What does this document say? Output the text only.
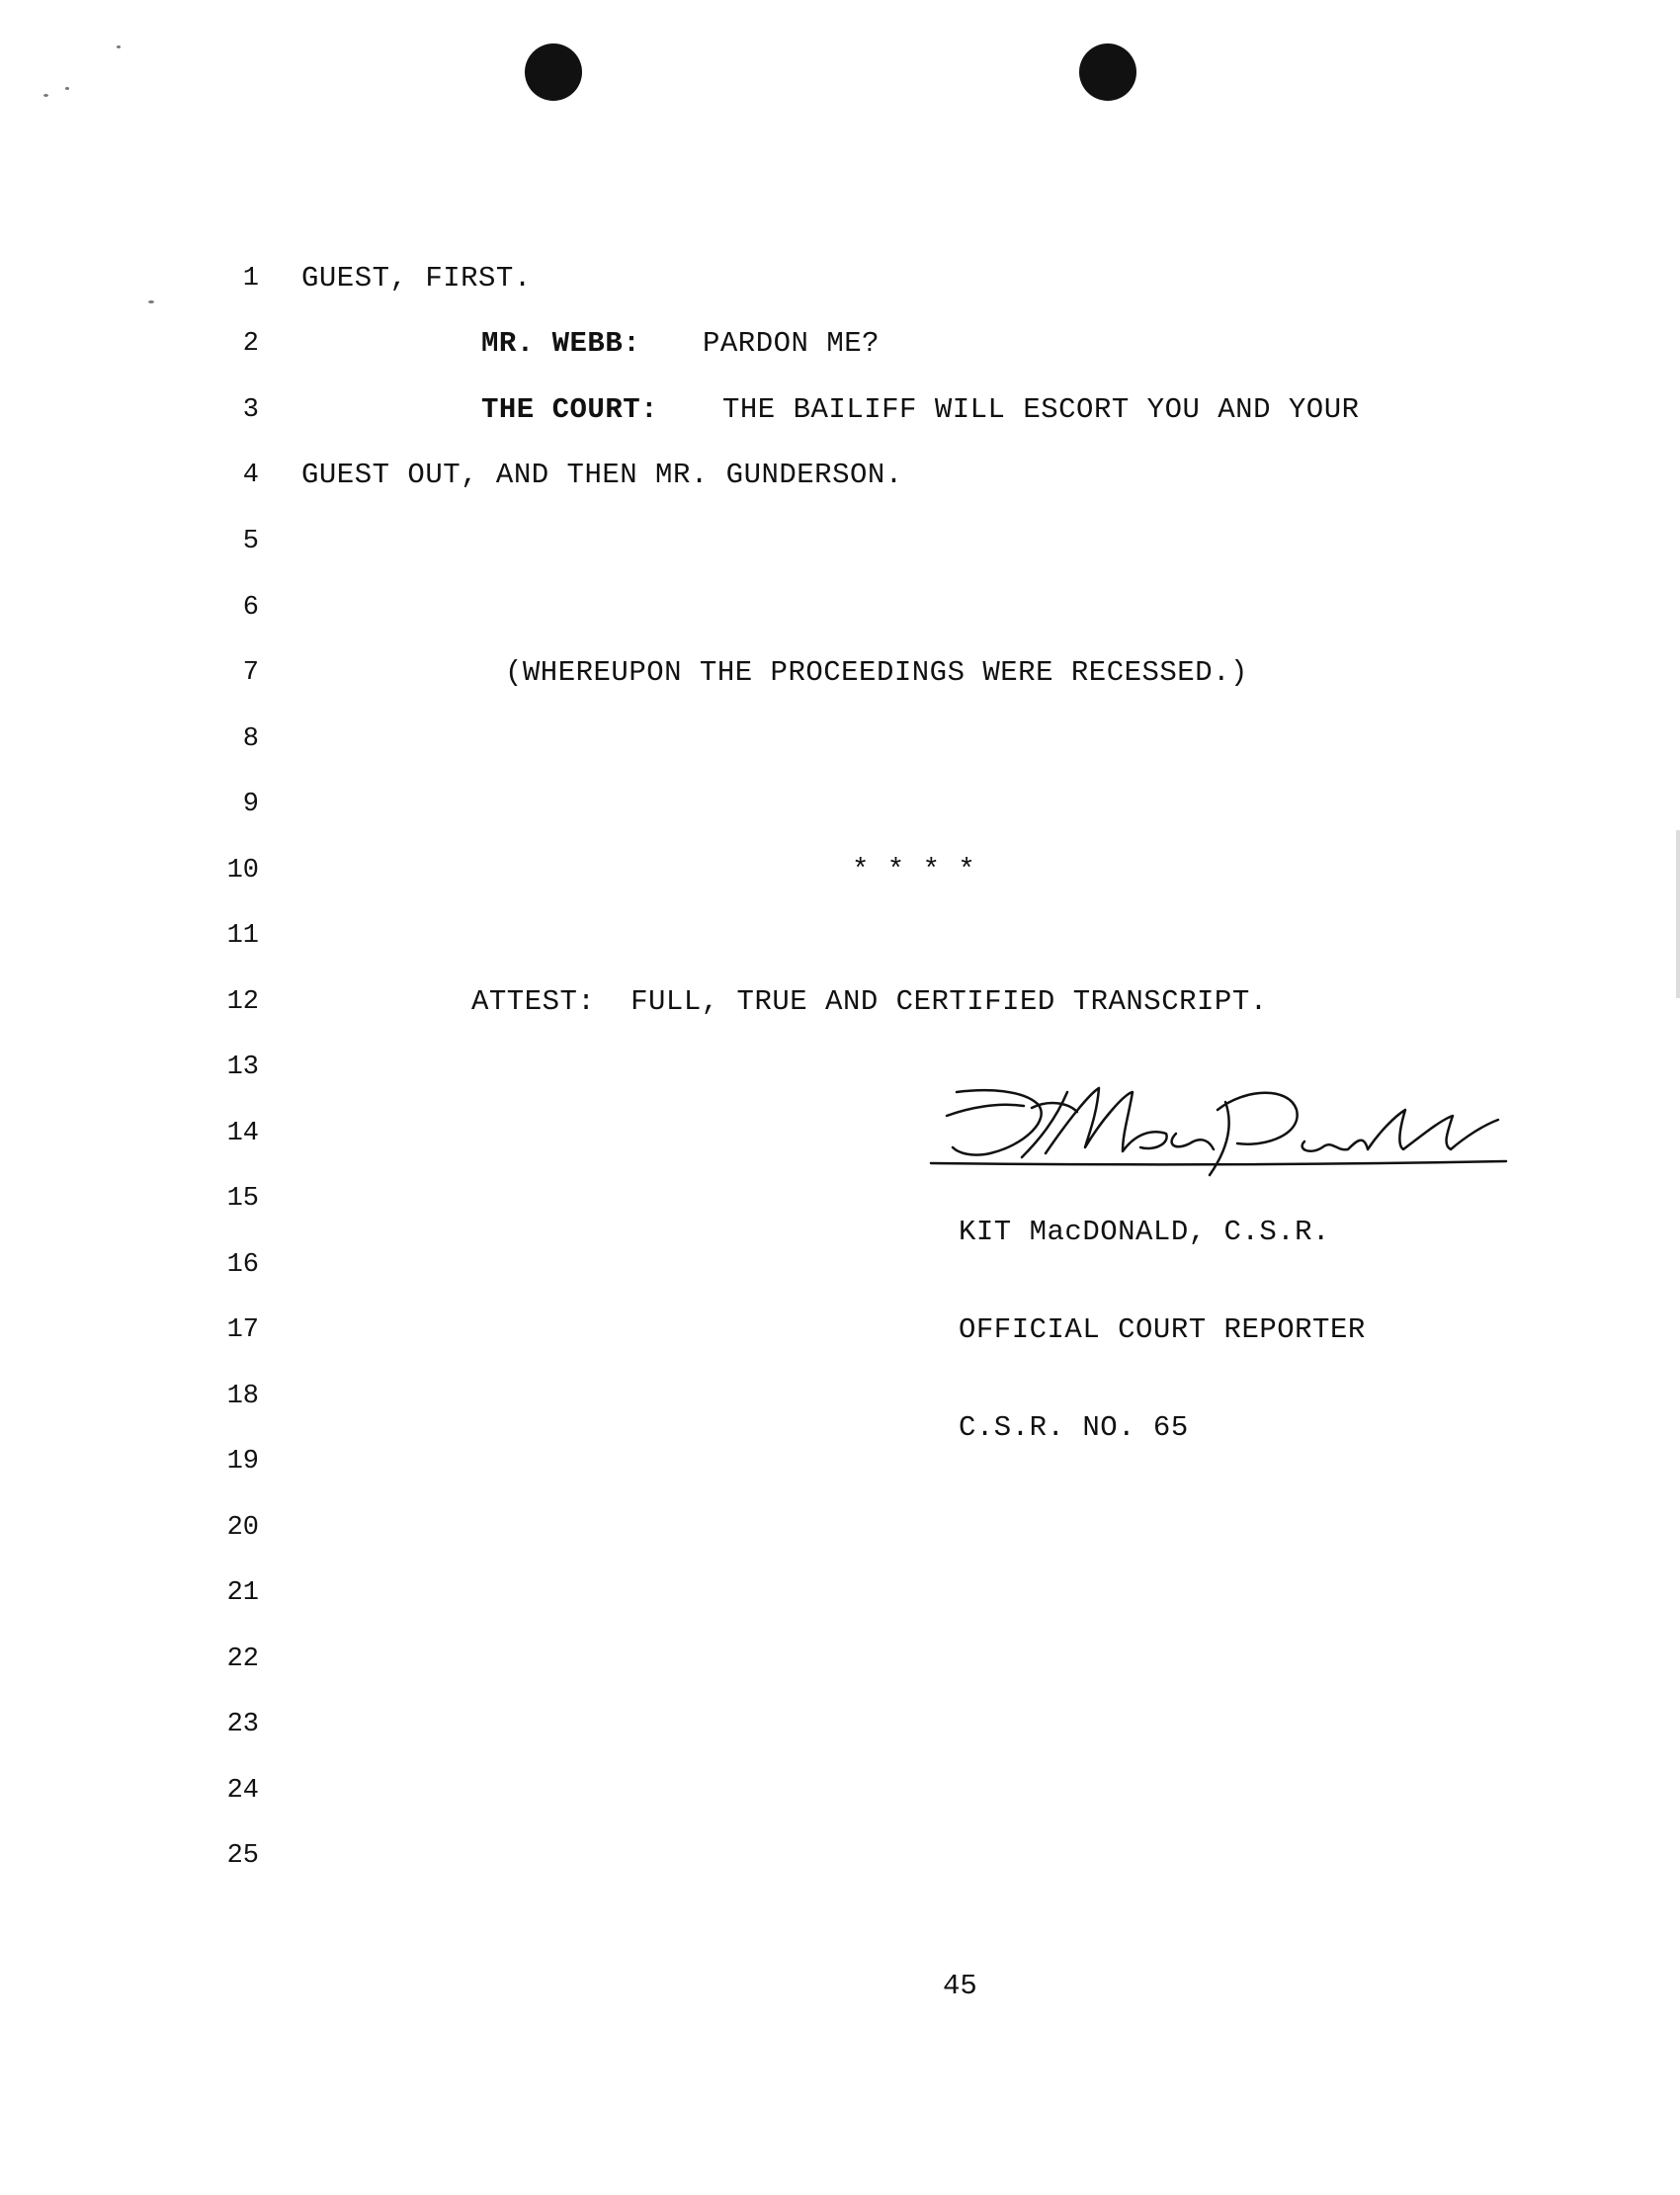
1
2
3
4
5
6
7
8
9
10
11
12
13
14
15
16
17
18
19
20
21
22
23
24
25
GUEST, FIRST.
MR. WEBB: PARDON ME?
THE COURT: THE BAILIFF WILL ESCORT YOU AND YOUR
GUEST OUT, AND THEN MR. GUNDERSON.
(WHEREUPON THE PROCEEDINGS WERE RECESSED.)
* * * *
ATTEST:  FULL, TRUE AND CERTIFIED TRANSCRIPT.

KIT MacDONALD, C.S.R.

OFFICIAL COURT REPORTER

C.S.R. NO. 65

45
